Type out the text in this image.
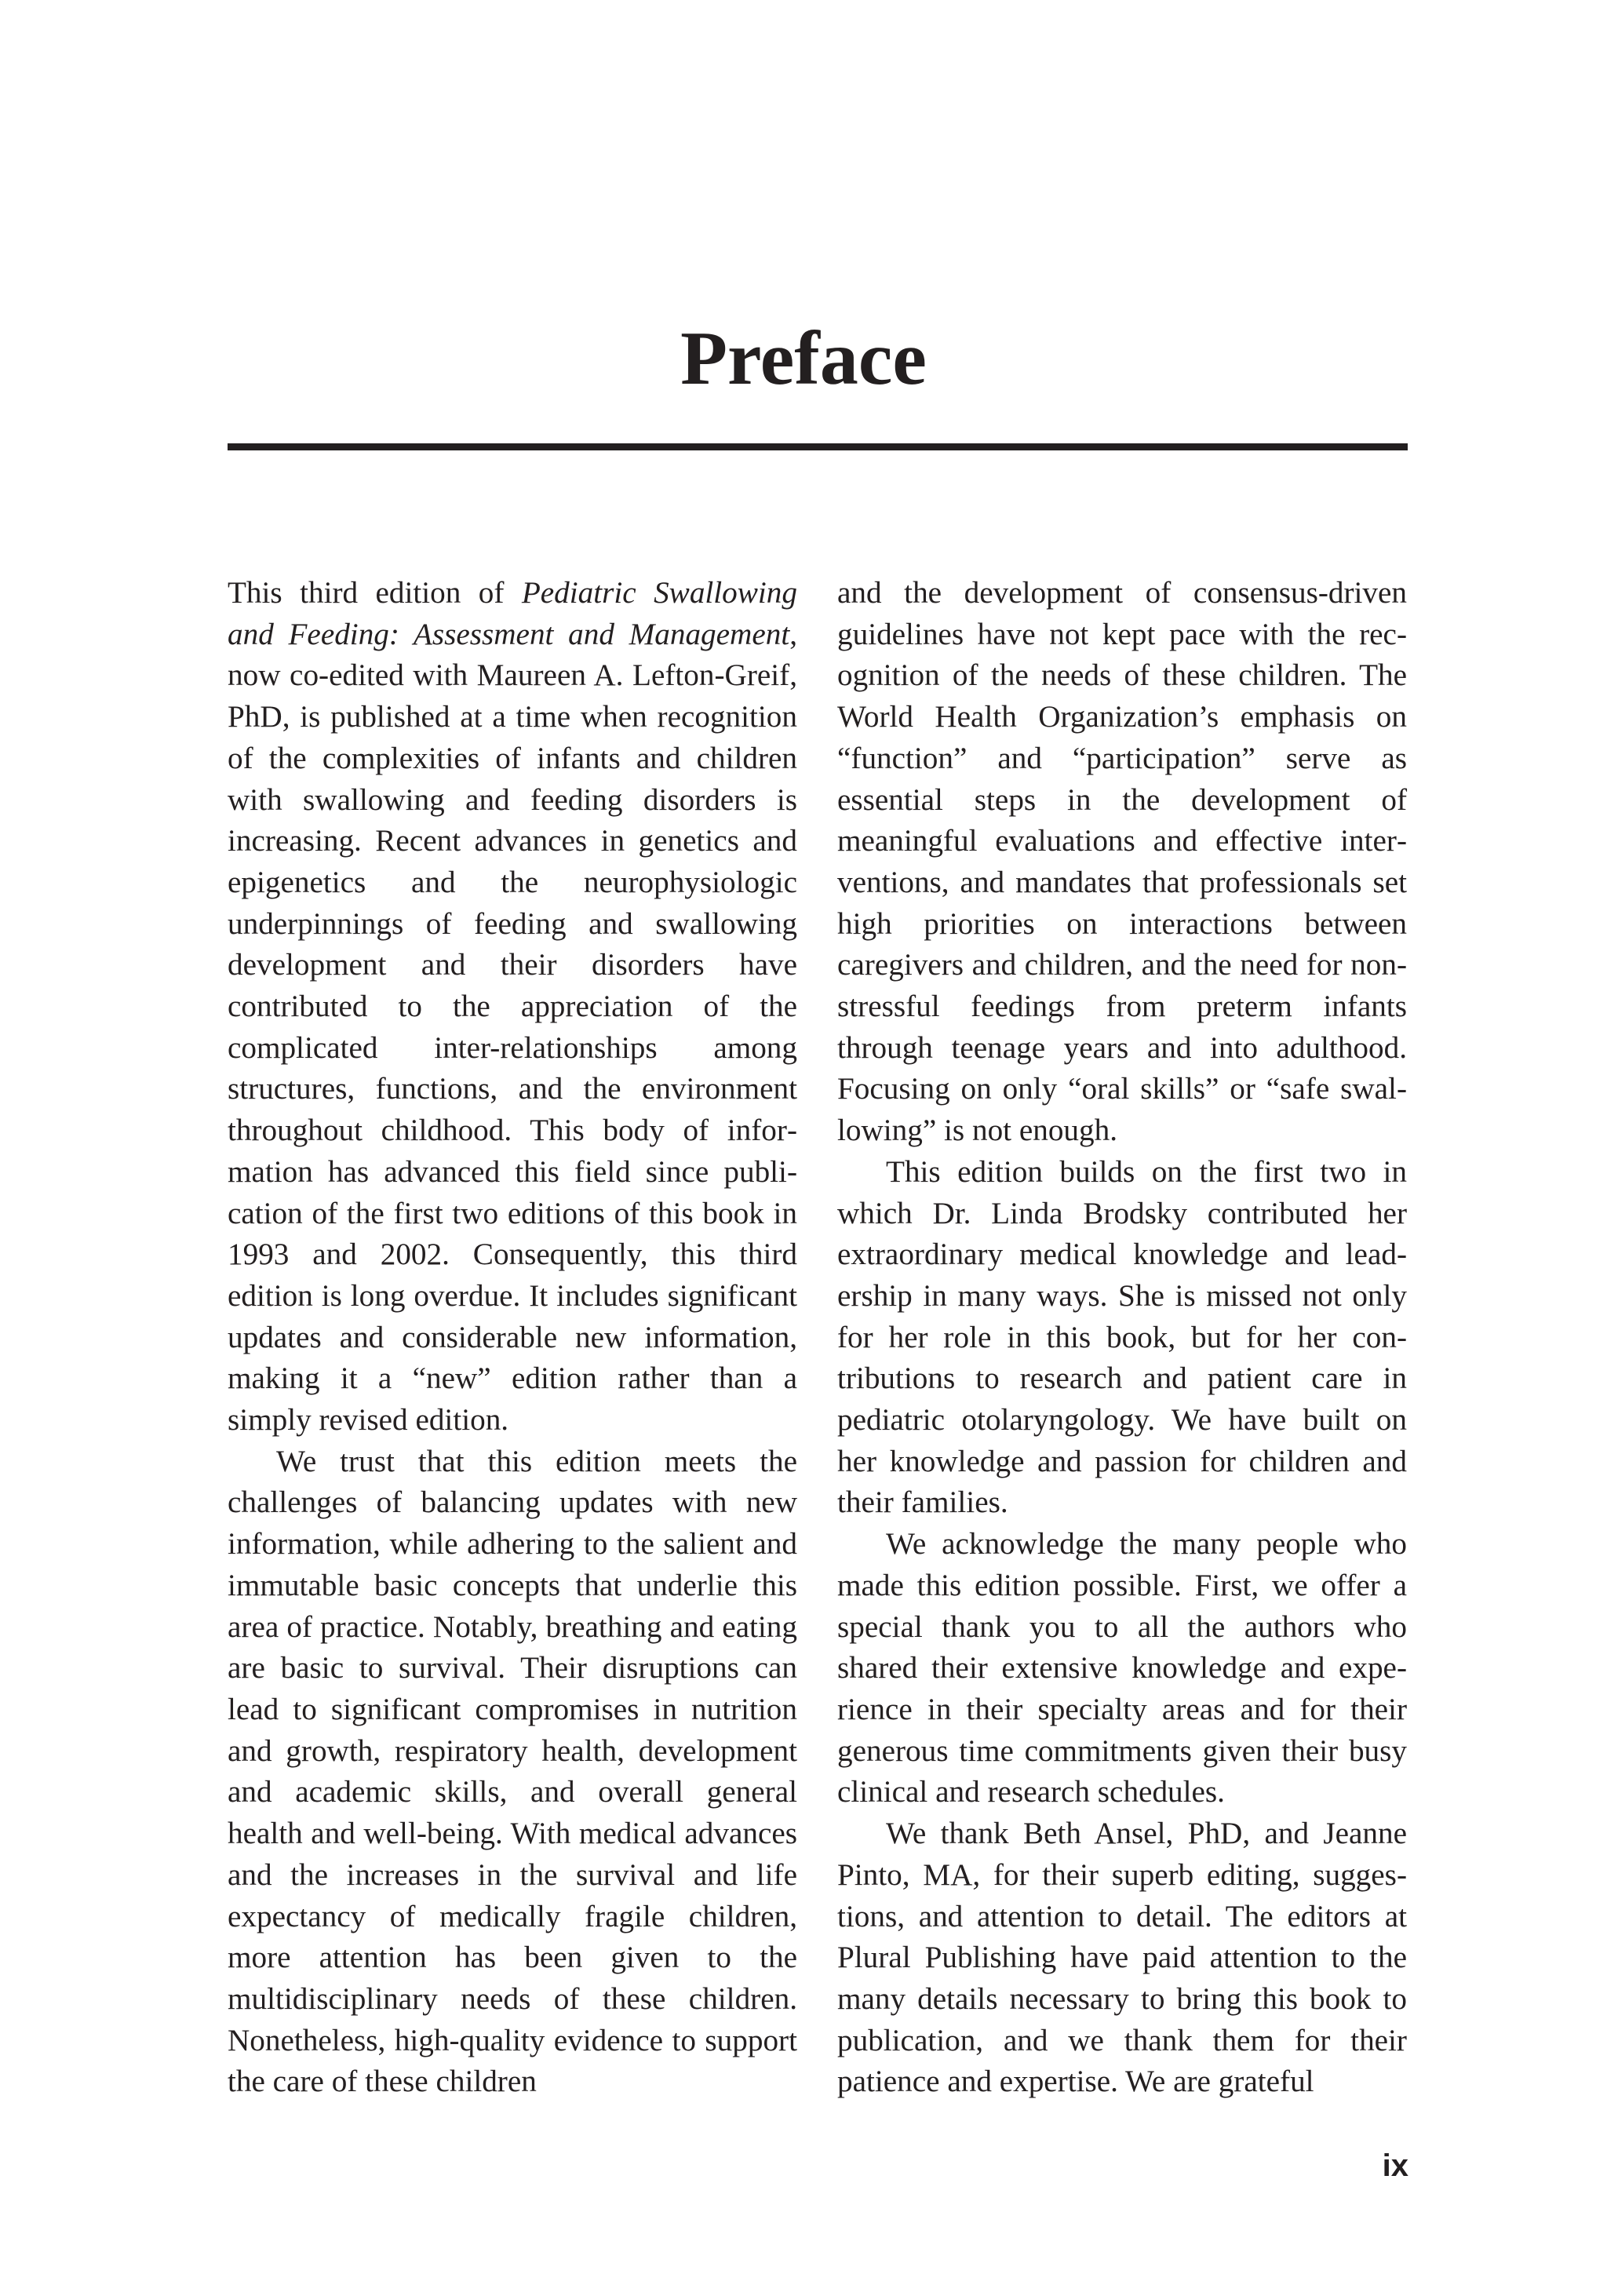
Preface

This third edition of Pediatric Swallowing and Feeding: Assessment and Management, now co-edited with Maureen A. Lefton-Greif, PhD, is published at a time when recognition of the complexities of infants and children with swallowing and feeding disorders is increasing. Recent advances in genetics and epigenetics and the neurophysiologic underpinnings of feeding and swallowing development and their disorders have contributed to the appreciation of the complicated inter-relationships among structures, functions, and the environment throughout childhood. This body of information has advanced this field since publication of the first two editions of this book in 1993 and 2002. Consequently, this third edition is long overdue. It includes significant updates and considerable new information, making it a “new” edition rather than a simply revised edition.

We trust that this edition meets the challenges of balancing updates with new information, while adhering to the salient and immutable basic concepts that underlie this area of practice. Notably, breathing and eating are basic to survival. Their disruptions can lead to significant compromises in nutrition and growth, respiratory health, development and academic skills, and overall general health and well-being. With medical advances and the increases in the survival and life expectancy of medically fragile children, more attention has been given to the multidisciplinary needs of these children. Nonetheless, high-quality evidence to support the care of these children

and the development of consensus-driven guidelines have not kept pace with the recognition of the needs of these children. The World Health Organization’s emphasis on “function” and “participation” serve as essential steps in the development of meaningful evaluations and effective interventions, and mandates that professionals set high priorities on interactions between caregivers and children, and the need for non-stressful feedings from preterm infants through teenage years and into adulthood. Focusing on only “oral skills” or “safe swallowing” is not enough.

This edition builds on the first two in which Dr. Linda Brodsky contributed her extraordinary medical knowledge and leadership in many ways. She is missed not only for her role in this book, but for her contributions to research and patient care in pediatric otolaryngology. We have built on her knowledge and passion for children and their families.

We acknowledge the many people who made this edition possible. First, we offer a special thank you to all the authors who shared their extensive knowledge and experience in their specialty areas and for their generous time commitments given their busy clinical and research schedules.

We thank Beth Ansel, PhD, and Jeanne Pinto, MA, for their superb editing, suggestions, and attention to detail. The editors at Plural Publishing have paid attention to the many details necessary to bring this book to publication, and we thank them for their patience and expertise. We are grateful

ix
